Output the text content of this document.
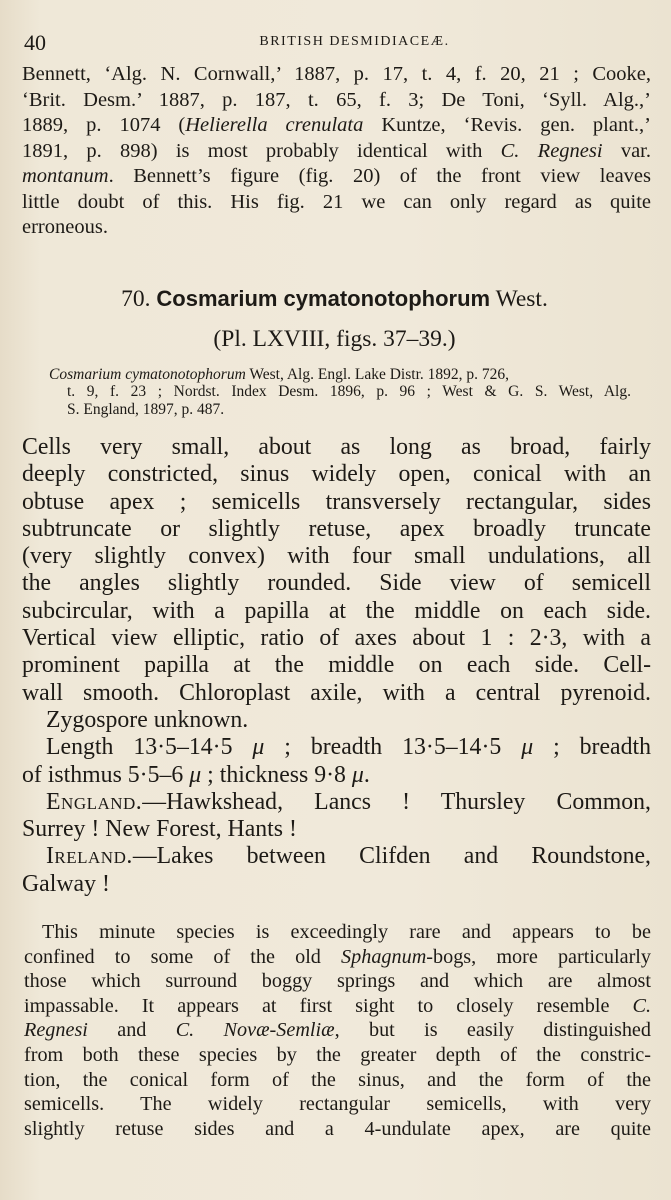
40	BRITISH DESMIDIACEÆ.
Bennett, ‘Alg. N. Cornwall,’ 1887, p. 17, t. 4, f. 20, 21 ; Cooke,
‘Brit. Desm.’ 1887, p. 187, t. 65, f. 3; De Toni, ‘Syll. Alg.,’
1889, p. 1074 (Helierella crenulata Kuntze, ‘Revis. gen. plant.,’
1891, p. 898) is most probably identical with C. Regnesi var.
montanum. Bennett’s figure (fig. 20) of the front view leaves
little doubt of this. His fig. 21 we can only regard as quite
erroneous.
70. Cosmarium cymatonotophorum West.
(Pl. LXVIII, figs. 37–39.)
Cosmarium cymatonotophorum West, Alg. Engl. Lake Distr. 1892, p. 726,
t. 9, f. 23 ; Nordst. Index Desm. 1896, p. 96 ; West & G. S. West, Alg.
S. England, 1897, p. 487.
Cells very small, about as long as broad, fairly
deeply constricted, sinus widely open, conical with an
obtuse apex ; semicells transversely rectangular, sides
subtruncate or slightly retuse, apex broadly truncate
(very slightly convex) with four small undulations, all
the angles slightly rounded. Side view of semicell
subcircular, with a papilla at the middle on each side.
Vertical view elliptic, ratio of axes about 1 : 2·3, with a
prominent papilla at the middle on each side. Cell-
wall smooth. Chloroplast axile, with a central pyrenoid.
Zygospore unknown.
Length 13·5–14·5 μ ; breadth 13·5–14·5 μ ; breadth
of isthmus 5·5–6 μ ; thickness 9·8 μ.
England.—Hawkshead, Lancs ! Thursley Common,
Surrey ! New Forest, Hants !
Ireland.—Lakes between Clifden and Roundstone,
Galway !
This minute species is exceedingly rare and appears to be
confined to some of the old Sphagnum-bogs, more particularly
those which surround boggy springs and which are almost
impassable. It appears at first sight to closely resemble C.
Regnesi and C. Novæ-Semliæ, but is easily distinguished
from both these species by the greater depth of the constric-
tion, the conical form of the sinus, and the form of the
semicells. The widely rectangular semicells, with very
slightly retuse sides and a 4-undulate apex, are quite
